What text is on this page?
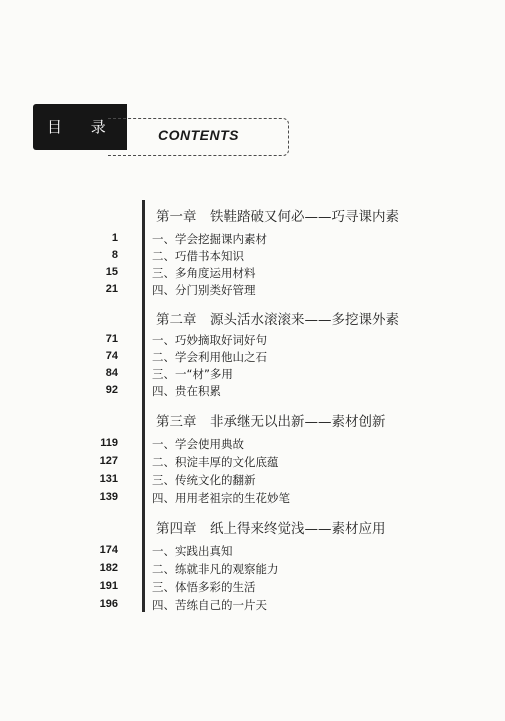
目 录	CONTENTS
第一章　铁鞋踏破又何必——巧寻课内素
1	一、学会挖掘课内素材
8	二、巧借书本知识
15	三、多角度运用材料
21	四、分门别类好管理
第二章　源头活水滚滚来——多挖课外素
71	一、巧妙摘取好词好句
74	二、学会利用他山之石
84	三、一“材”多用
92	四、贵在积累
第三章　非承继无以出新——素材创新
119	一、学会使用典故
127	二、积淀丰厚的文化底蕴
131	三、传统文化的翻新
139	四、用用老祖宗的生花妙笔
第四章　纸上得来终觉浅——素材应用
174	一、实践出真知
182	二、练就非凡的观察能力
191	三、体悟多彩的生活
196	四、苦练自己的一片天
